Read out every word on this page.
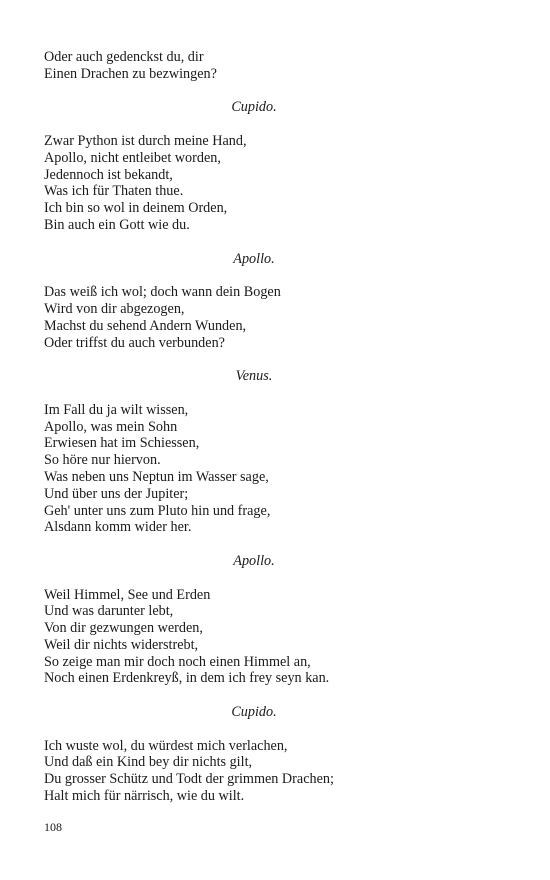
Oder auch gedenckst du, dir
Einen Drachen zu bezwingen?
Cupido.
Zwar Python ist durch meine Hand,
Apollo, nicht entleibet worden,
Jedennoch ist bekandt,
Was ich für Thaten thue.
Ich bin so wol in deinem Orden,
Bin auch ein Gott wie du.
Apollo.
Das weiß ich wol; doch wann dein Bogen
Wird von dir abgezogen,
Machst du sehend Andern Wunden,
Oder triffst du auch verbunden?
Venus.
Im Fall du ja wilt wissen,
Apollo, was mein Sohn
Erwiesen hat im Schiessen,
So höre nur hiervon.
Was neben uns Neptun im Wasser sage,
Und über uns der Jupiter;
Geh' unter uns zum Pluto hin und frage,
Alsdann komm wider her.
Apollo.
Weil Himmel, See und Erden
Und was darunter lebt,
Von dir gezwungen werden,
Weil dir nichts widerstrebt,
So zeige man mir doch noch einen Himmel an,
Noch einen Erdenkreyß, in dem ich frey seyn kan.
Cupido.
Ich wuste wol, du würdest mich verlachen,
Und daß ein Kind bey dir nichts gilt,
Du grosser Schütz und Todt der grimmen Drachen;
Halt mich für närrisch, wie du wilt.
108
